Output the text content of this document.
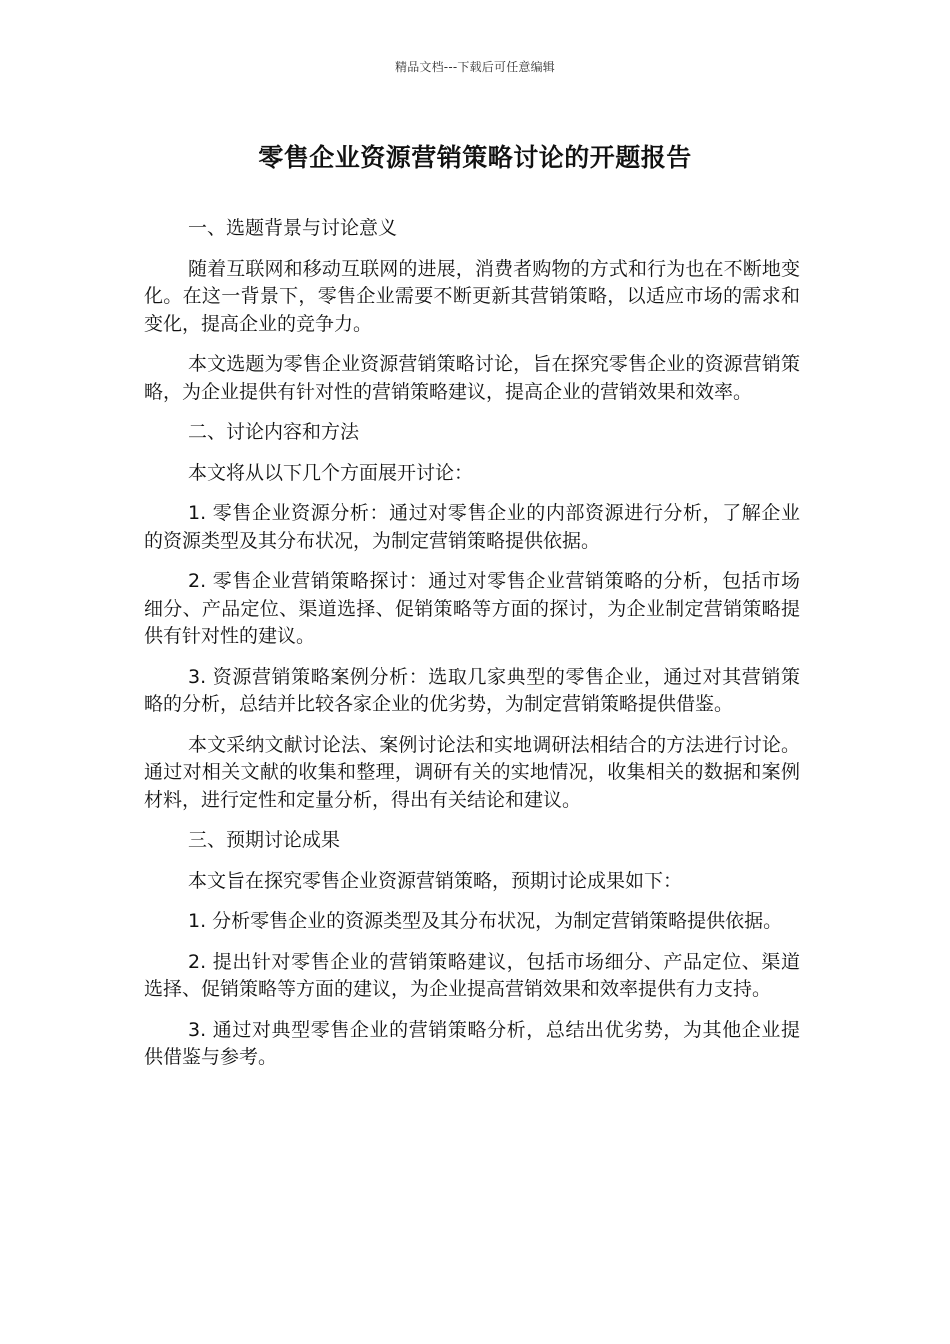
精品文档---下载后可任意编辑
零售企业资源营销策略讨论的开题报告

一、选题背景与讨论意义

随着互联网和移动互联网的进展，消费者购物的方式和行为也在不断地变化。在这一背景下，零售企业需要不断更新其营销策略，以适应市场的需求和变化，提高企业的竞争力。

本文选题为零售企业资源营销策略讨论，旨在探究零售企业的资源营销策略，为企业提供有针对性的营销策略建议，提高企业的营销效果和效率。

二、讨论内容和方法

本文将从以下几个方面展开讨论：

1. 零售企业资源分析：通过对零售企业的内部资源进行分析，了解企业的资源类型及其分布状况，为制定营销策略提供依据。

2. 零售企业营销策略探讨：通过对零售企业营销策略的分析，包括市场细分、产品定位、渠道选择、促销策略等方面的探讨，为企业制定营销策略提供有针对性的建议。

3. 资源营销策略案例分析：选取几家典型的零售企业，通过对其营销策略的分析，总结并比较各家企业的优劣势，为制定营销策略提供借鉴。

本文采纳文献讨论法、案例讨论法和实地调研法相结合的方法进行讨论。通过对相关文献的收集和整理，调研有关的实地情况，收集相关的数据和案例材料，进行定性和定量分析，得出有关结论和建议。

三、预期讨论成果

本文旨在探究零售企业资源营销策略，预期讨论成果如下：

1. 分析零售企业的资源类型及其分布状况，为制定营销策略提供依据。

2. 提出针对零售企业的营销策略建议，包括市场细分、产品定位、渠道选择、促销策略等方面的建议，为企业提高营销效果和效率提供有力支持。

3. 通过对典型零售企业的营销策略分析，总结出优劣势，为其他企业提供借鉴与参考。
